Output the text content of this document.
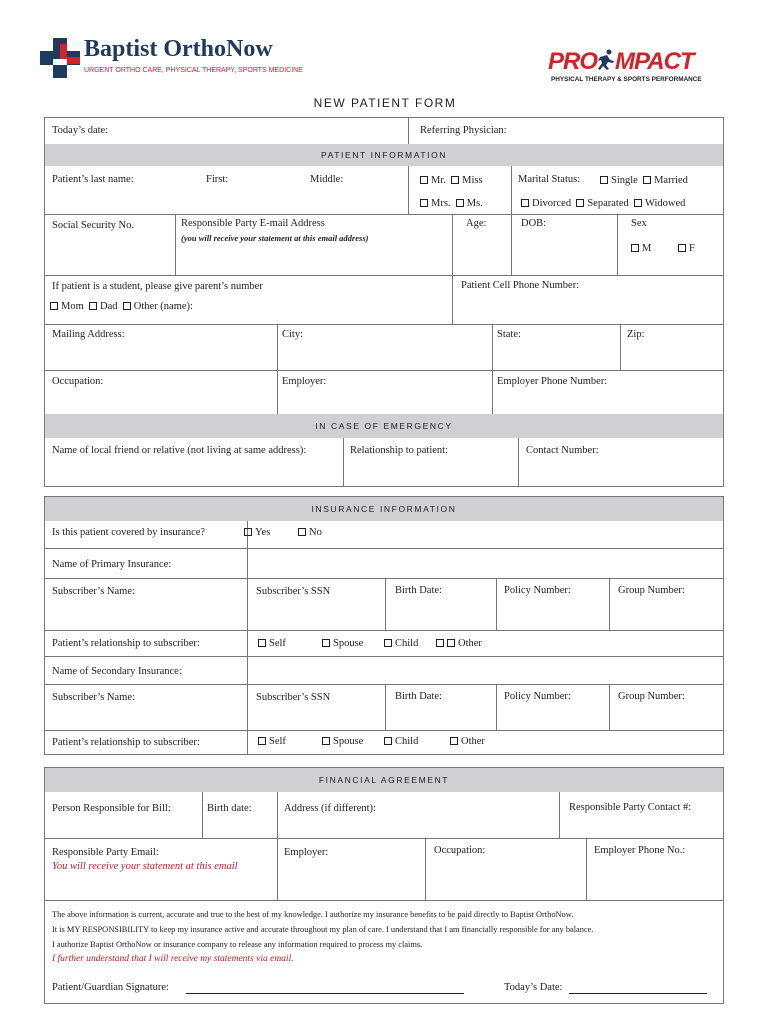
Baptist OrthoNow
URGENT ORTHO CARE, PHYSICAL THERAPY, SPORTS MEDICINE	PRO MPACT
PHYSICAL THERAPY & SPORTS PERFORMANCE
NEW PATIENT FORM
Today’s date:	Referring Physician:
PATIENT INFORMATION
Patient’s last name:	First:	Middle:	Mr. Miss
Mrs. Ms.
Marital Status:	Single Married
Divorced Separated Widowed
Social Security No.	Responsible Party E-mail Address
(you will receive your statement at this email address)
Age:	DOB:	Sex
M	F
If patient is a student, please give parent’s number
Mom Dad Other (name):
Patient Cell Phone Number:
Mailing Address:	City:	State:	Zip:
Occupation:	Employer:	Employer Phone Number:
IN CASE OF EMERGENCY
Name of local friend or relative (not living at same address):	Relationship to patient:	Contact Number:
INSURANCE INFORMATION
Is this patient covered by insurance?	Yes	No
Name of Primary Insurance:
Subscriber’s Name:	Subscriber’s SSN	Birth Date:	Policy Number:	Group Number:
Patient’s relationship to subscriber:	Self	Spouse	Child	Other
Name of Secondary Insurance:
Subscriber’s Name:	Subscriber’s SSN	Birth Date:	Policy Number:	Group Number:
Patient’s relationship to subscriber:	Self	Spouse	Child	Other
FINANCIAL AGREEMENT
Person Responsible for Bill:	Birth date:	Address (if different):	Responsible Party Contact #:
Responsible Party Email:
You will receive your statement at this email
Employer:	Occupation:	Employer Phone No.:
The above information is current, accurate and true to the best of my knowledge. I authorize my insurance benefits to be paid directly to Baptist OrthoNow.
It is MY RESPONSIBILITY to keep my insurance active and accurate throughout my plan of care. I understand that I am financially responsible for any balance.
I authorize Baptist OrthoNow or insurance company to release any information required to process my claims.
I further understand that I will receive my statements via email.
Patient/Guardian Signature:	Today’s Date:
